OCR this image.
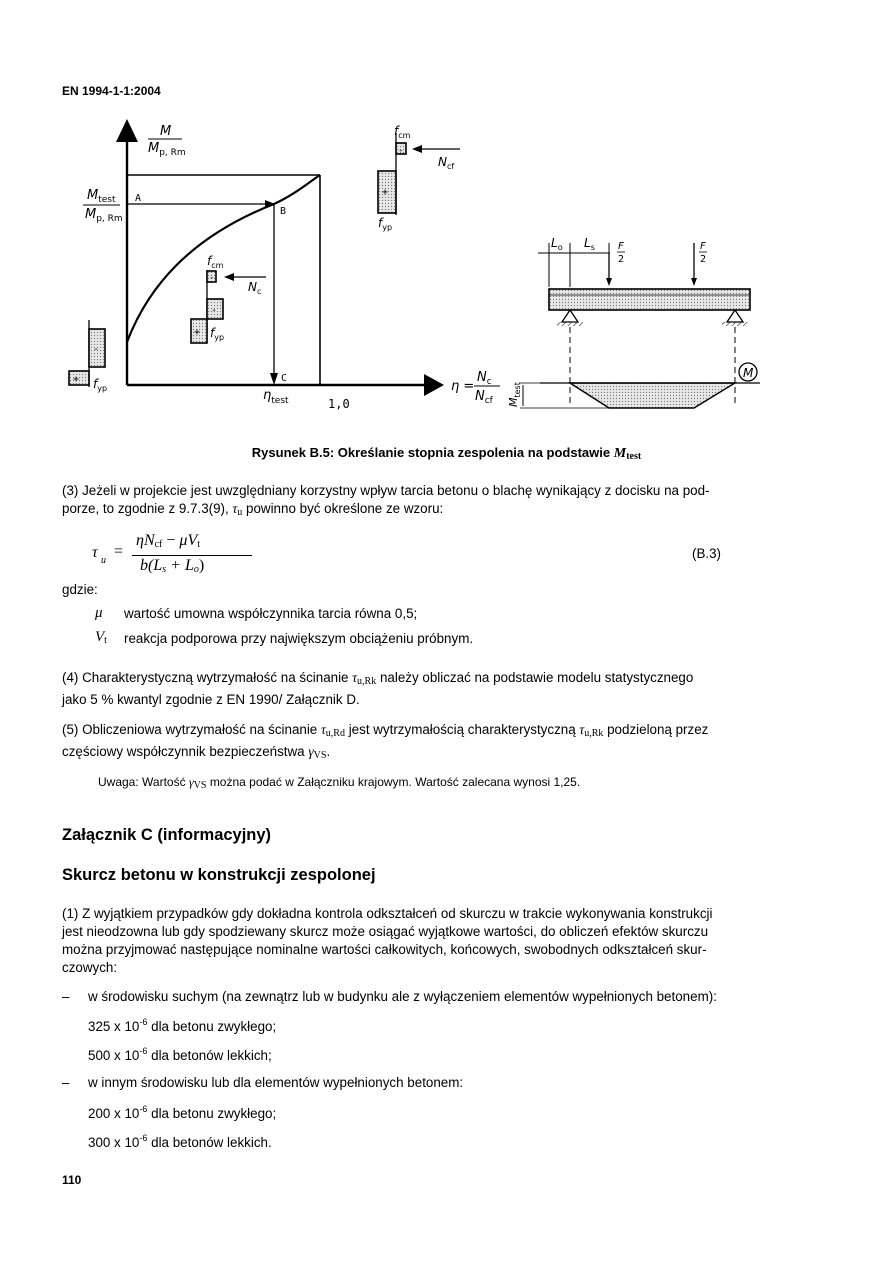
EN 1994-1-1:2004
M
$M_{p, Rm}$
$M_{test}$
$M_{p, Rm}$
A
B
C
$\eta_{test}$	1,0
η =
$N_c$
$N_{cf}$
-
+ $f_{yp}$
-
-
+
$f_{cm}$
$f_{yp}$
$N_c$
-
+
$f_{cm}$
$f_{yp}$
$N_{cf}$
$L_o$ $L_s$ F
2
F
2
$M_{test}$
M
Rysunek B.5: Określanie stopnia zespolenia na podstawie $M_{test}$
(3) Jeżeli w projekcie jest uwzględniany korzystny wpływ tarcia betonu o blachę wynikający z docisku na pod-
porze, to zgodnie z 9.7.3(9), $\tau_u$ powinno być określone ze wzoru:
τ u
=
$\eta N_{cf} - \mu V_t$
b(Ls + Lo)
(B.3)
gdzie:
μ wartość umowna współczynnika tarcia równa 0,5;
$V_t$ reakcja podporowa przy największym obciążeniu próbnym.
(4) Charakterystyczną wytrzymałość na ścinanie $\tau_{u,Rk}$ należy obliczać na podstawie modelu statystycznego
jako 5 % kwantyl zgodnie z EN 1990/ Załącznik D.
(5) Obliczeniowa wytrzymałość na ścinanie $\tau_{u,Rd}$ jest wytrzymałością charakterystyczną $\tau_{u,Rk}$ podzieloną przez
częściowy współczynnik bezpieczeństwa $\gamma_{VS}$.
Uwaga: Wartość $\gamma_{VS}$ można podać w Załączniku krajowym. Wartość zalecana wynosi 1,25.
Załącznik C (informacyjny)
Skurcz betonu w konstrukcji zespolonej
(1) Z wyjątkiem przypadków gdy dokładna kontrola odkształceń od skurczu w trakcie wykonywania konstrukcji
jest nieodzowna lub gdy spodziewany skurcz może osiągać wyjątkowe wartości, do obliczeń efektów skurczu
można przyjmować następujące nominalne wartości całkowitych, końcowych, swobodnych odkształceń skur-
czowych:
– w środowisku suchym (na zewnątrz lub w budynku ale z wyłączeniem elementów wypełnionych betonem):
325 x $10^{-6}$ dla betonu zwykłego;
500 x $10^{-6}$ dla betonów lekkich;
– w innym środowisku lub dla elementów wypełnionych betonem:
200 x $10^{-6}$ dla betonu zwykłego;
300 x $10^{-6}$ dla betonów lekkich.
110
